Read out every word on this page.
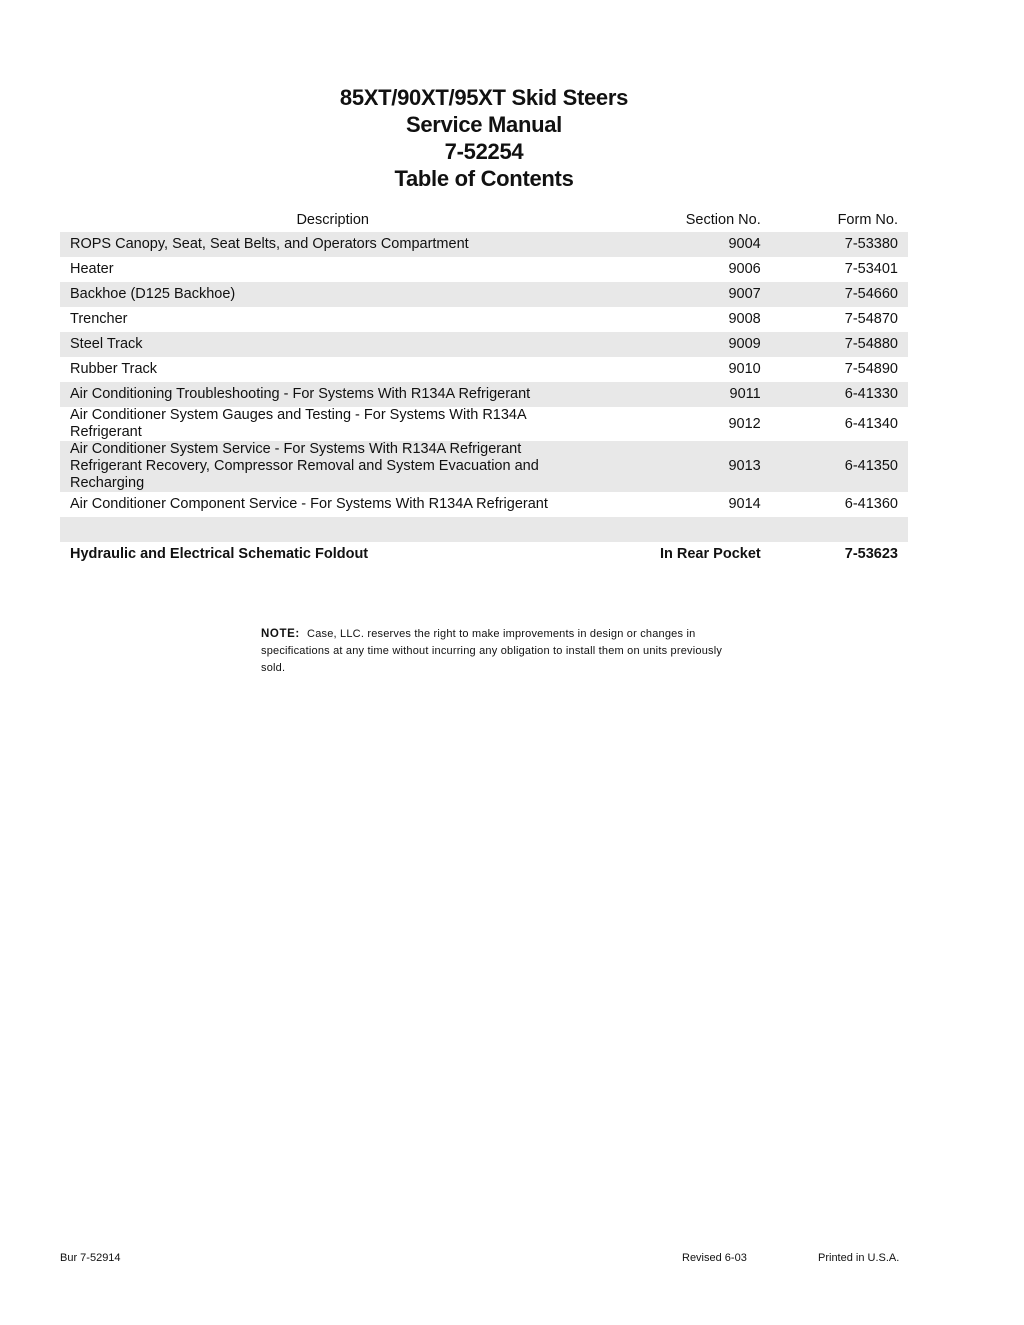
85XT/90XT/95XT Skid Steers
Service Manual
7-52254
Table of Contents
Description	Section No.	Form No.
ROPS Canopy, Seat, Seat Belts, and Operators Compartment	9004	7-53380
Heater	9006	7-53401
Backhoe (D125 Backhoe)	9007	7-54660
Trencher	9008	7-54870
Steel Track	9009	7-54880
Rubber Track	9010	7-54890
Air Conditioning Troubleshooting - For Systems With R134A Refrigerant	9011	6-41330
Air Conditioner System Gauges and Testing - For Systems With R134A Refrigerant	9012	6-41340

Air Conditioner System Service - For Systems With R134A Refrigerant
Refrigerant Recovery, Compressor Removal and System Evacuation and Recharging	9013	6-41350
Air Conditioner Component Service - For Systems With R134A Refrigerant	9014	6-41360

Hydraulic and Electrical Schematic Foldout	In Rear Pocket	7-53623
NOTE: Case, LLC. reserves the right to make improvements in design or changes in specifications at any time without incurring any obligation to install them on units previously sold.
Bur 7-52914	Revised 6-03	Printed in U.S.A.
